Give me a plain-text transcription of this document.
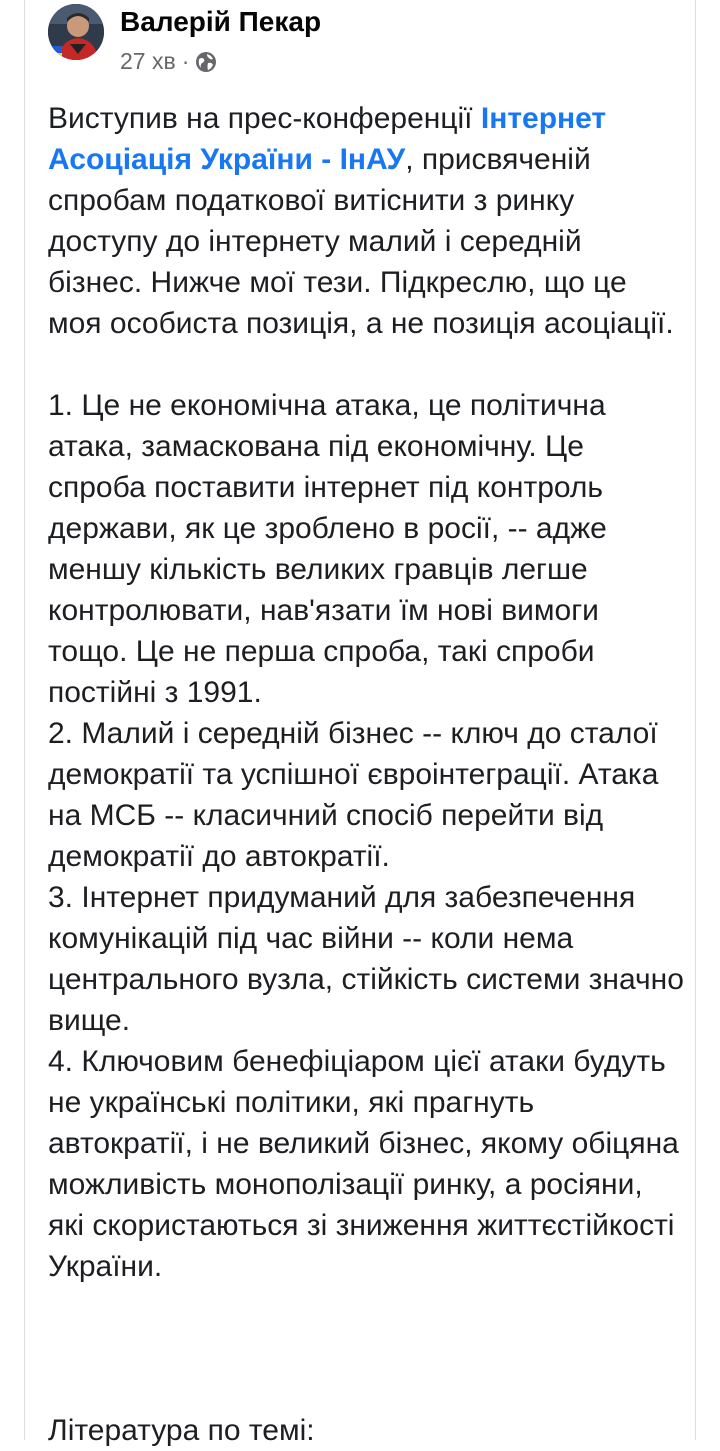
Валерій Пекар
27 хв ·

Виступив на прес-конференції Інтернет Асоціація України - ІнАУ, присвяченій спробам податкової витіснити з ринку доступу до інтернету малий і середній бізнес. Нижче мої тези. Підкреслю, що це моя особиста позиція, а не позиція асоціації.

1. Це не економічна атака, це політична атака, замаскована під економічну. Це спроба поставити інтернет під контроль держави, як це зроблено в росії, -- адже меншу кількість великих гравців легше контролювати, нав'язати їм нові вимоги тощо. Це не перша спроба, такі спроби постійні з 1991.

2. Малий і середній бізнес -- ключ до сталої демократії та успішної євроінтеграції. Атака на МСБ -- класичний спосіб перейти від демократії до автократії.

3. Інтернет придуманий для забезпечення комунікацій під час війни -- коли нема центрального вузла, стійкість системи значно вище.

4. Ключовим бенефіціаром цієї атаки будуть не українські політики, які прагнуть автократії, і не великий бізнес, якому обіцяна можливість монополізації ринку, а росіяни, які скористаються зі зниження життєстійкості України.

Література по темі:
